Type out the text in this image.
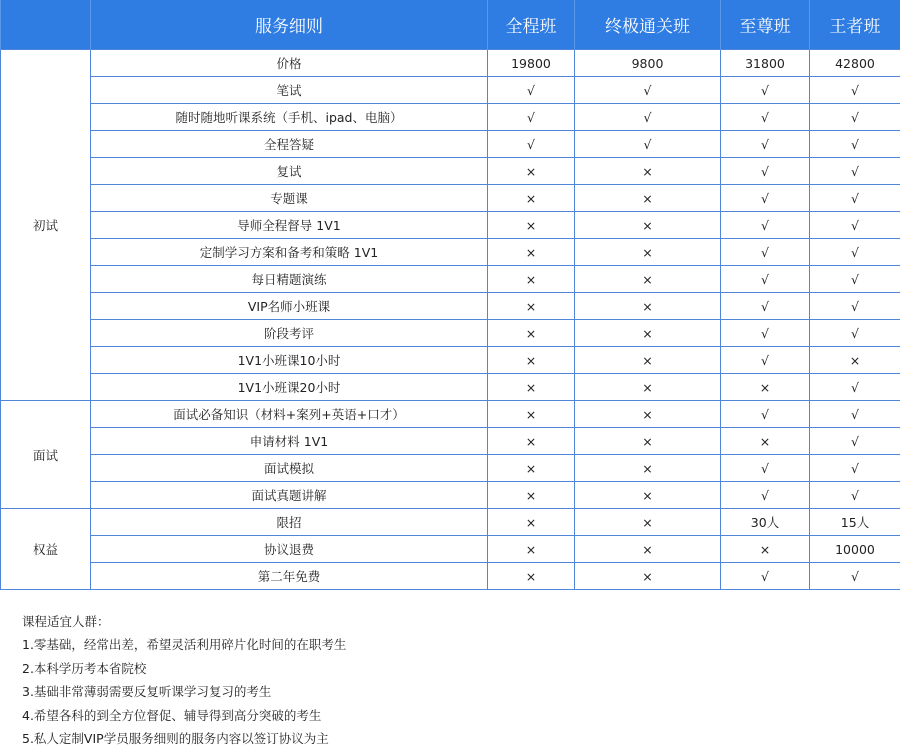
	服务细则	全程班	终极通关班	至尊班	王者班
初试	价格	19800	9800	31800	42800
	笔试	√	√	√	√
	随时随地听课系统（手机、ipad、电脑）	√	√	√	√
	全程答疑	√	√	√	√
	复试	×	×	√	√
	专题课	×	×	√	√
	导师全程督导 1V1	×	×	√	√
	定制学习方案和备考和策略 1V1	×	×	√	√
	每日精题演练	×	×	√	√
	VIP名师小班课	×	×	√	√
	阶段考评	×	×	√	√
	1V1小班课10小时	×	×	√	×
	1V1小班课20小时	×	×	×	√
面试	面试必备知识（材料+案列+英语+口才）	×	×	√	√
	申请材料 1V1	×	×	×	√
	面试模拟	×	×	√	√
	面试真题讲解	×	×	√	√
权益	限招	×	×	30人	15人
	协议退费	×	×	×	10000
	第二年免费	×	×	√	√
课程适宜人群：
1.零基础，经常出差，希望灵活利用碎片化时间的在职考生
2.本科学历考本省院校
3.基础非常薄弱需要反复听课学习复习的考生
4.希望各科的到全方位督促、辅导得到高分突破的考生
5.私人定制VIP学员服务细则的服务内容以签订协议为主
